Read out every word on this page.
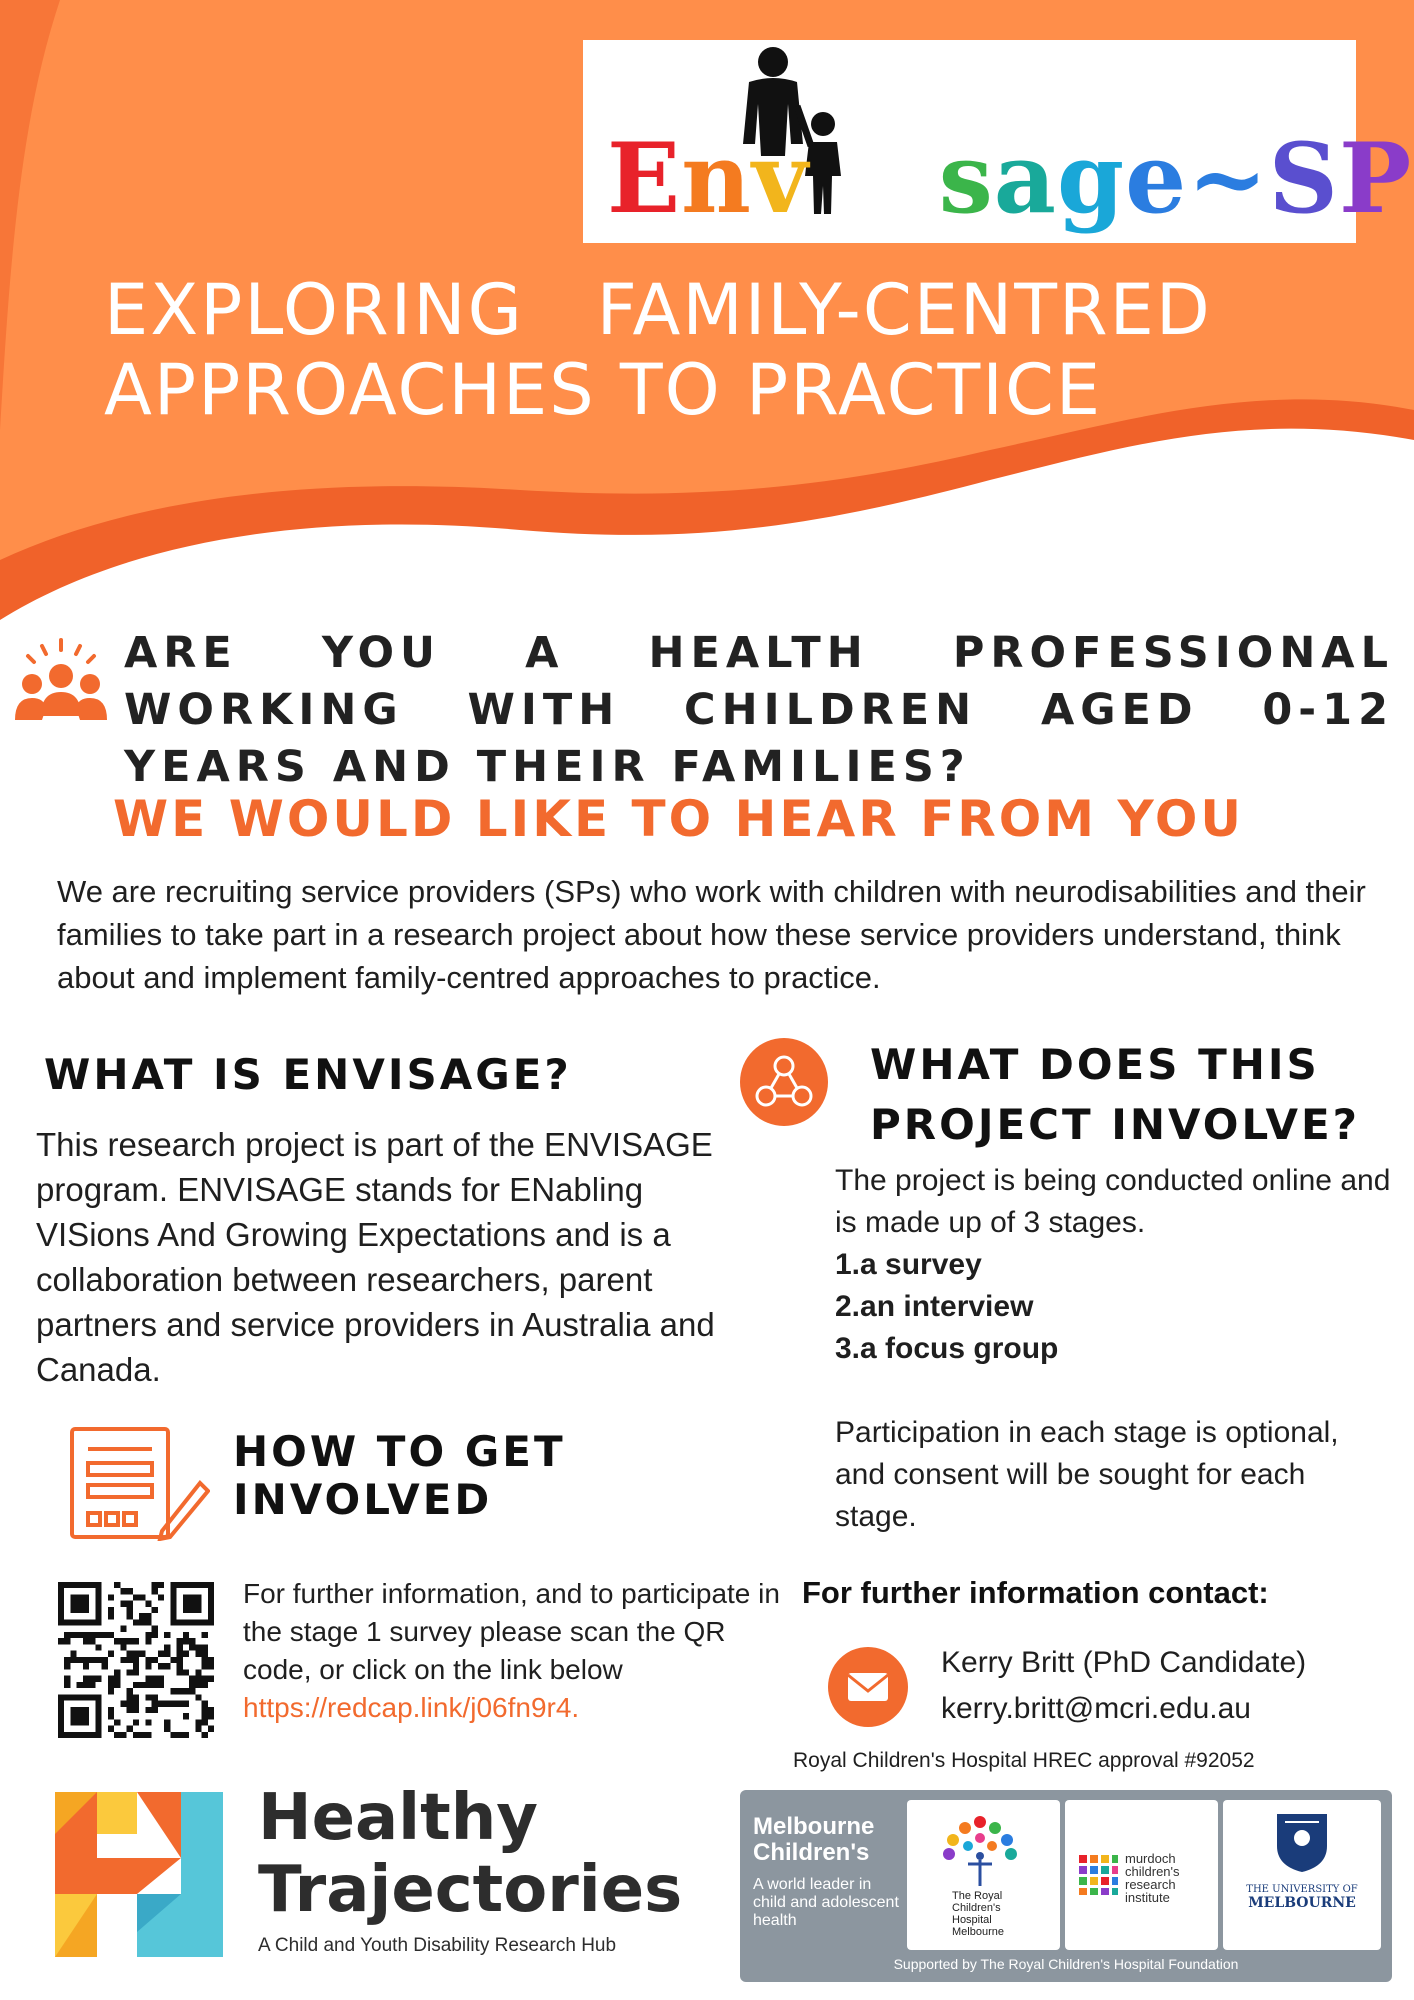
Env sage~SP
EXPLORING   FAMILY-CENTRED
APPROACHES TO PRACTICE
ARE YOU A HEALTH PROFESSIONAL WORKING WITH CHILDREN AGED 0-12 YEARS AND THEIR FAMILIES?
WE WOULD LIKE TO HEAR FROM YOU
We are recruiting service providers (SPs) who work with children with neurodisabilities and their families to take part in a research project about how these service providers understand, think about and implement family-centred approaches to practice.
WHAT IS ENVISAGE?
This research project is part of the ENVISAGE program. ENVISAGE stands for ENabling VISions And Growing Expectations and is a collaboration between researchers, parent partners and service providers in Australia and Canada.
WHAT DOES THIS
PROJECT INVOLVE?
The project is being conducted online and is made up of 3 stages.
1.a survey
2.an interview
3.a focus group
Participation in each stage is optional, and consent will be sought for each stage.
HOW TO GET
INVOLVED
For further information, and to participate in the stage 1 survey please scan the QR code, or click on the link below
https://redcap.link/j06fn9r4.
For further information contact:
Kerry Britt (PhD Candidate)
kerry.britt@mcri.edu.au
Royal Children's Hospital HREC approval #92052
Healthy
Trajectories
A Child and Youth Disability Research Hub
Melbourne Children's
A world leader in child and adolescent health
The Royal Children's Hospital Melbourne
murdoch children's research institute
THE UNIVERSITY OF
MELBOURNE
Supported by The Royal Children's Hospital Foundation
